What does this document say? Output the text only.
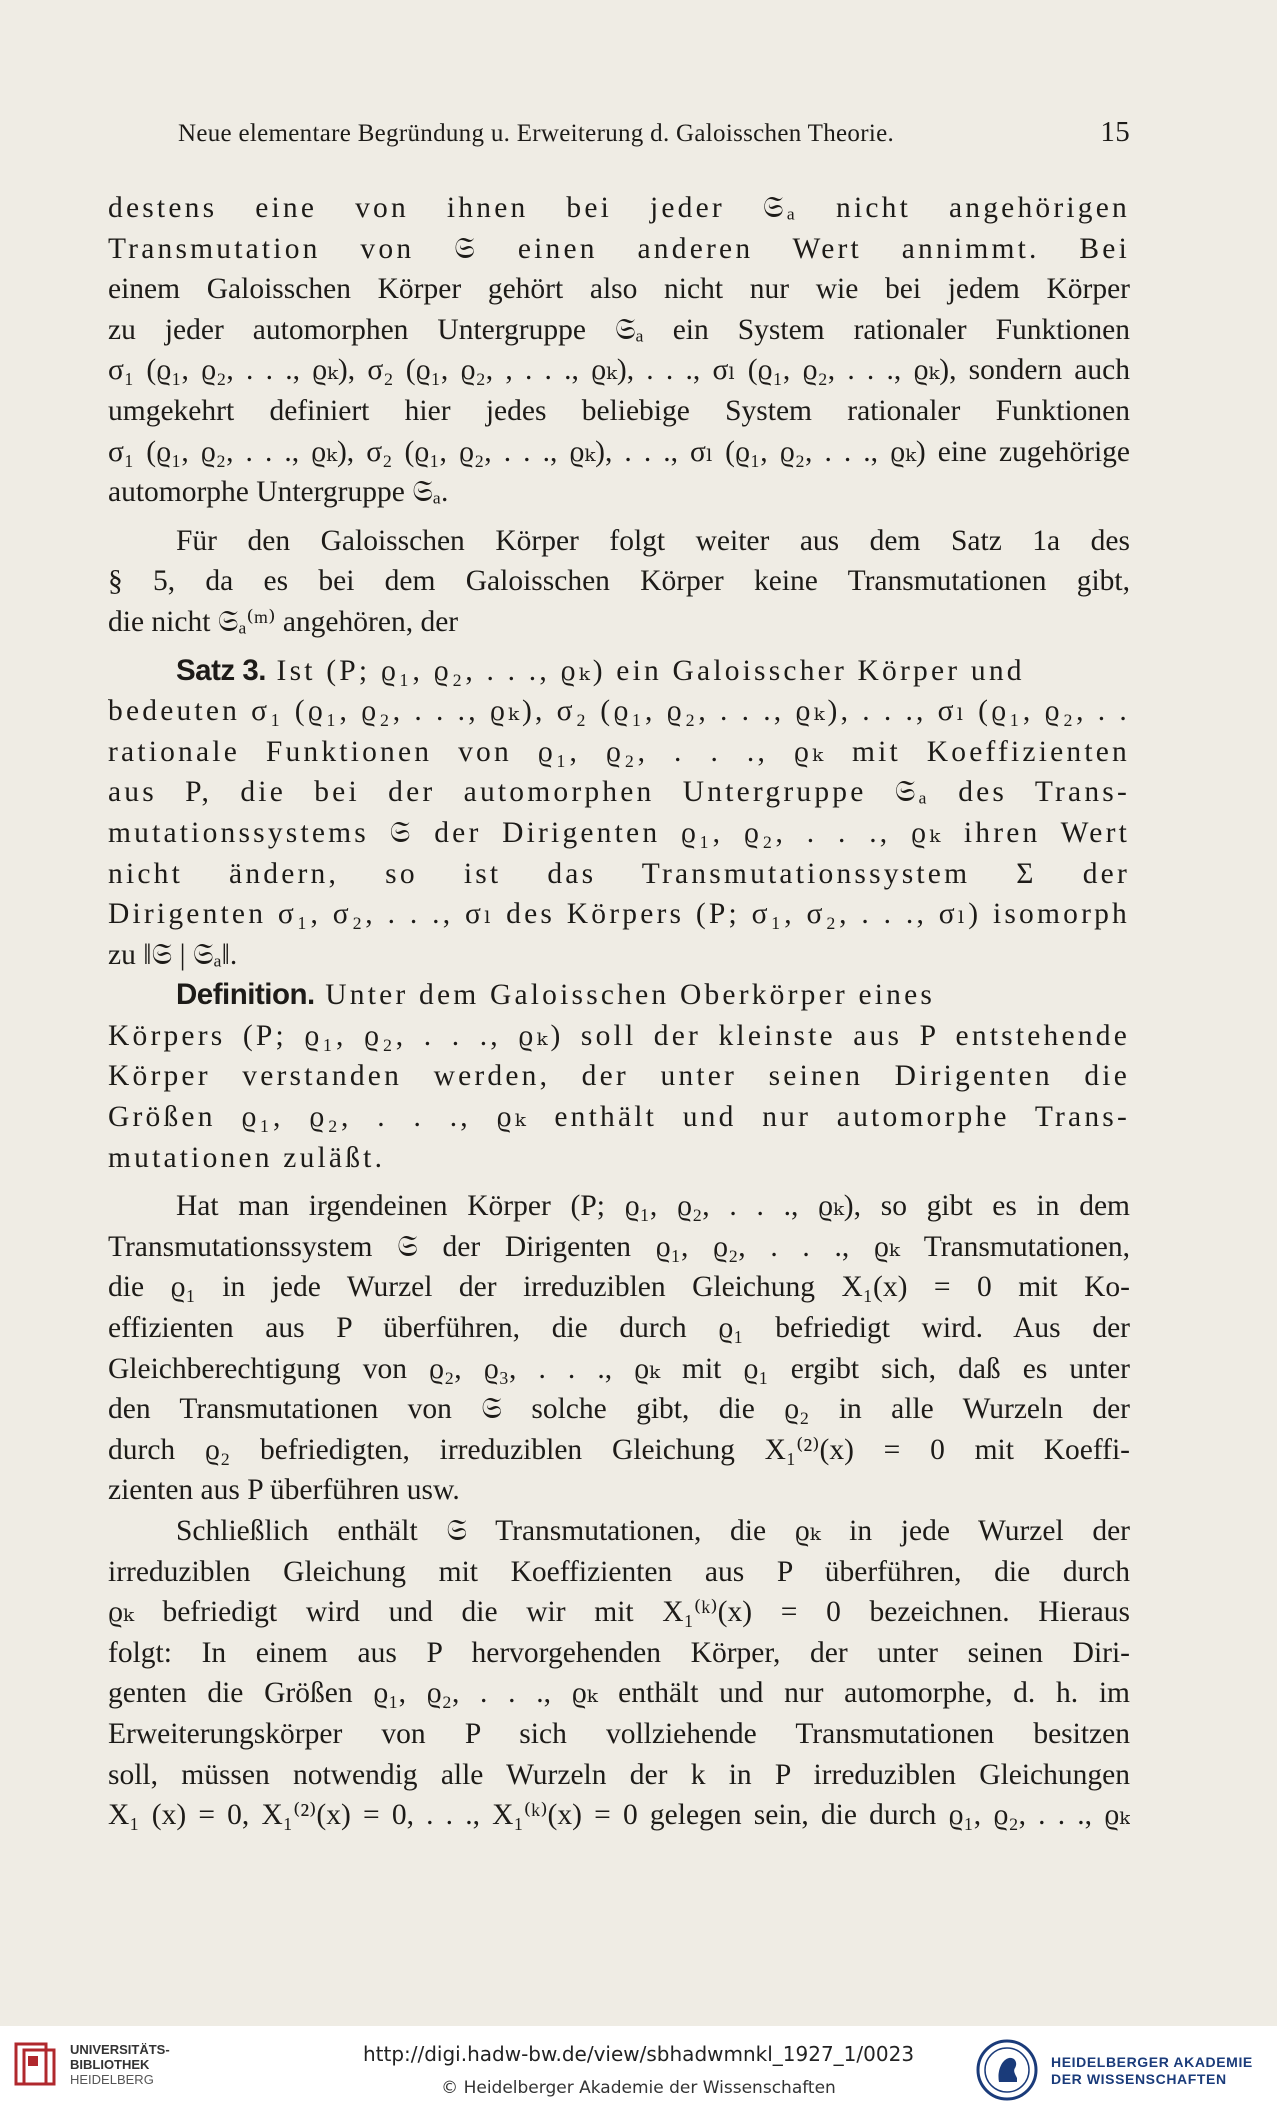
Neue elementare Begründung u. Erweiterung d. Galoisschen Theorie.	15
destens eine von ihnen bei jeder 𝔖ₐ nicht angehörigen
Transmutation von 𝔖 einen anderen Wert annimmt. Bei
einem Galoisschen Körper gehört also nicht nur wie bei jedem Körper
zu jeder automorphen Untergruppe 𝔖ₐ ein System rationaler Funktionen
σ₁ (ϱ₁, ϱ₂, . . ., ϱₖ), σ₂ (ϱ₁, ϱ₂, , . . ., ϱₖ), . . ., σₗ (ϱ₁, ϱ₂, . . ., ϱₖ), sondern auch
umgekehrt definiert hier jedes beliebige System rationaler Funktionen
σ₁ (ϱ₁, ϱ₂, . . ., ϱₖ), σ₂ (ϱ₁, ϱ₂, . . ., ϱₖ), . . ., σₗ (ϱ₁, ϱ₂, . . ., ϱₖ) eine zugehörige
automorphe Untergruppe 𝔖ₐ.
Für den Galoisschen Körper folgt weiter aus dem Satz 1a des
§ 5, da es bei dem Galoisschen Körper keine Transmutationen gibt,
die nicht 𝔖ₐ⁽ᵐ⁾ angehören, der
Satz 3. Ist (P; ϱ₁, ϱ₂, . . ., ϱₖ) ein Galoisscher Körper und
bedeuten σ₁ (ϱ₁, ϱ₂, . . ., ϱₖ), σ₂ (ϱ₁, ϱ₂, . . ., ϱₖ), . . ., σₗ (ϱ₁, ϱ₂, . .
rationale Funktionen von ϱ₁, ϱ₂, . . ., ϱₖ mit Koeffizienten
aus P, die bei der automorphen Untergruppe 𝔖ₐ des Trans-
mutationssystems 𝔖 der Dirigenten ϱ₁, ϱ₂, . . ., ϱₖ ihren Wert
nicht ändern, so ist das Transmutationssystem Σ der
Dirigenten σ₁, σ₂, . . ., σₗ des Körpers (P; σ₁, σ₂, . . ., σₗ) isomorph
zu ‖𝔖 | 𝔖ₐ‖.
Definition. Unter dem Galoisschen Oberkörper eines
Körpers (P; ϱ₁, ϱ₂, . . ., ϱₖ) soll der kleinste aus P entstehende
Körper verstanden werden, der unter seinen Dirigenten die
Größen ϱ₁, ϱ₂, . . ., ϱₖ enthält und nur automorphe Trans-
mutationen zuläßt.
Hat man irgendeinen Körper (P; ϱ₁, ϱ₂, . . ., ϱₖ), so gibt es in dem
Transmutationssystem 𝔖 der Dirigenten ϱ₁, ϱ₂, . . ., ϱₖ Transmutationen,
die ϱ₁ in jede Wurzel der irreduziblen Gleichung X₁(x) = 0 mit Ko-
effizienten aus P überführen, die durch ϱ₁ befriedigt wird. Aus der
Gleichberechtigung von ϱ₂, ϱ₃, . . ., ϱₖ mit ϱ₁ ergibt sich, daß es unter
den Transmutationen von 𝔖 solche gibt, die ϱ₂ in alle Wurzeln der
durch ϱ₂ befriedigten, irreduziblen Gleichung X₁⁽²⁾(x) = 0 mit Koeffi-
zienten aus P überführen usw.
Schließlich enthält 𝔖 Transmutationen, die ϱₖ in jede Wurzel der
irreduziblen Gleichung mit Koeffizienten aus P überführen, die durch
ϱₖ befriedigt wird und die wir mit X₁⁽ᵏ⁾(x) = 0 bezeichnen. Hieraus
folgt: In einem aus P hervorgehenden Körper, der unter seinen Diri-
genten die Größen ϱ₁, ϱ₂, . . ., ϱₖ enthält und nur automorphe, d. h. im
Erweiterungskörper von P sich vollziehende Transmutationen besitzen
soll, müssen notwendig alle Wurzeln der k in P irreduziblen Gleichungen
X₁ (x) = 0, X₁⁽²⁾(x) = 0, . . ., X₁⁽ᵏ⁾(x) = 0 gelegen sein, die durch ϱ₁, ϱ₂, . . ., ϱₖ
UNIVERSITÄTS-
BIBLIOTHEK
HEIDELBERG
http://digi.hadw-bw.de/view/sbhadwmnkl_1927_1/0023
© Heidelberger Akademie der Wissenschaften
HEIDELBERGER AKADEMIE
DER WISSENSCHAFTEN
